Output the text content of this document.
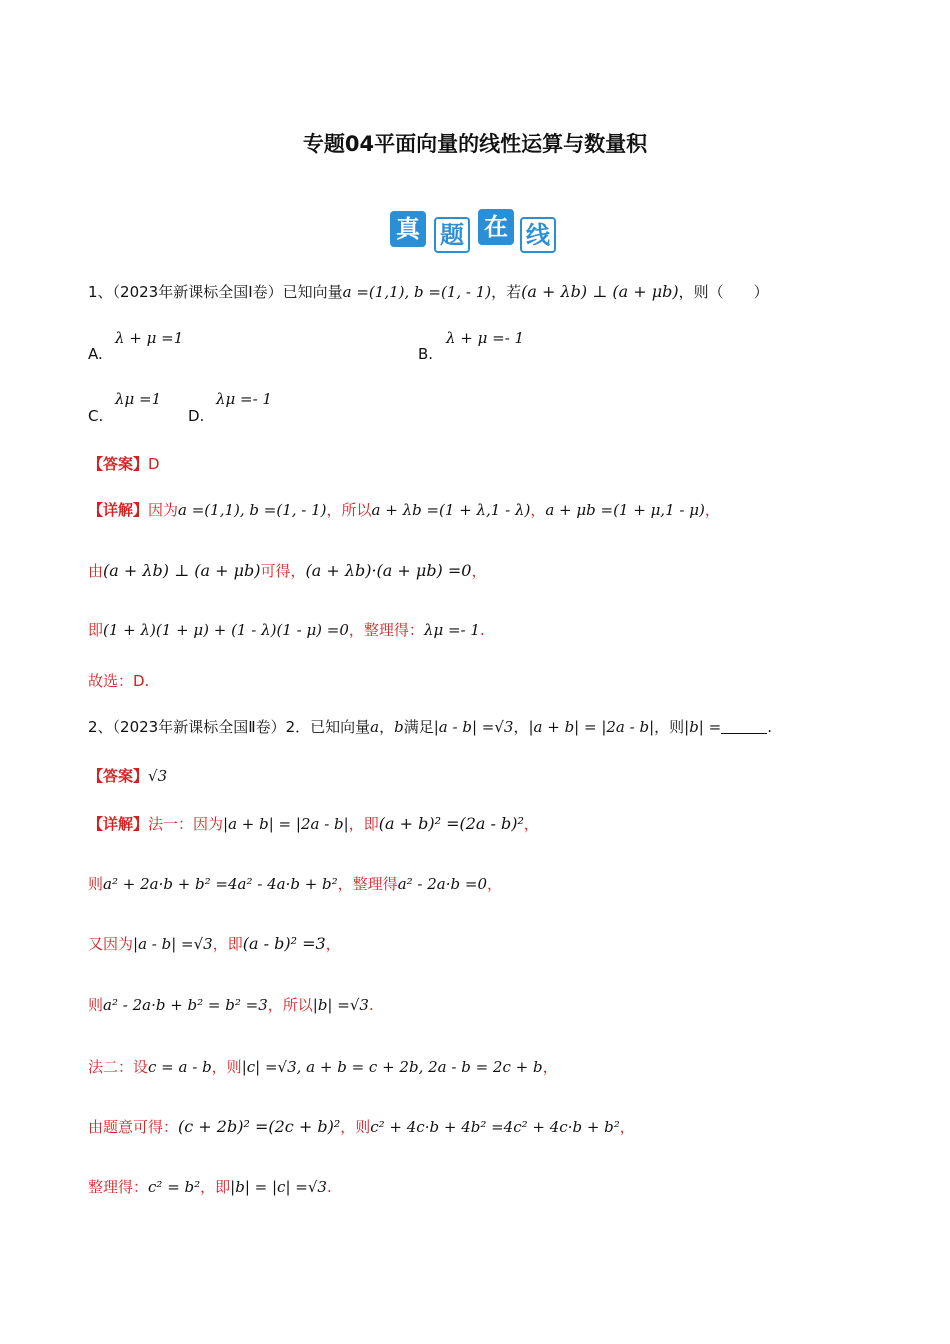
专题04平面向量的线性运算与数量积
真 题 在 线
1、（2023年新课标全国Ⅰ卷）已知向量a =(1,1), b =(1, - 1)，若(a + λb) ⊥ (a + μb)，则（　　）
A.
λ + μ =1
B.
λ + μ =- 1
C.
λμ =1
D.
λμ =- 1
【答案】D
【详解】因为a =(1,1), b =(1, - 1)，所以a + λb =(1 + λ,1 - λ)，a + μb =(1 + μ,1 - μ)，
由(a + λb) ⊥ (a + μb)可得，(a + λb)·(a + μb) =0，
即(1 + λ)(1 + μ) + (1 - λ)(1 - μ) =0，整理得：λμ =- 1.
故选：D.
2、（2023年新课标全国Ⅱ卷）2．已知向量a，b满足|a - b| =√3，|a + b| = |2a - b|，则|b| =	.
【答案】√3
【详解】法一：因为|a + b| = |2a - b|，即(a + b)² =(2a - b)²，
则a² + 2a·b + b² =4a² - 4a·b + b²，整理得a² - 2a·b =0，
又因为|a - b| =√3，即(a - b)² =3，
则a² - 2a·b + b² = b² =3，所以|b| =√3.
法二：设c = a - b，则|c| =√3, a + b = c + 2b, 2a - b = 2c + b，
由题意可得：(c + 2b)² =(2c + b)²，则c² + 4c·b + 4b² =4c² + 4c·b + b²，
整理得：c² = b²，即|b| = |c| =√3.
